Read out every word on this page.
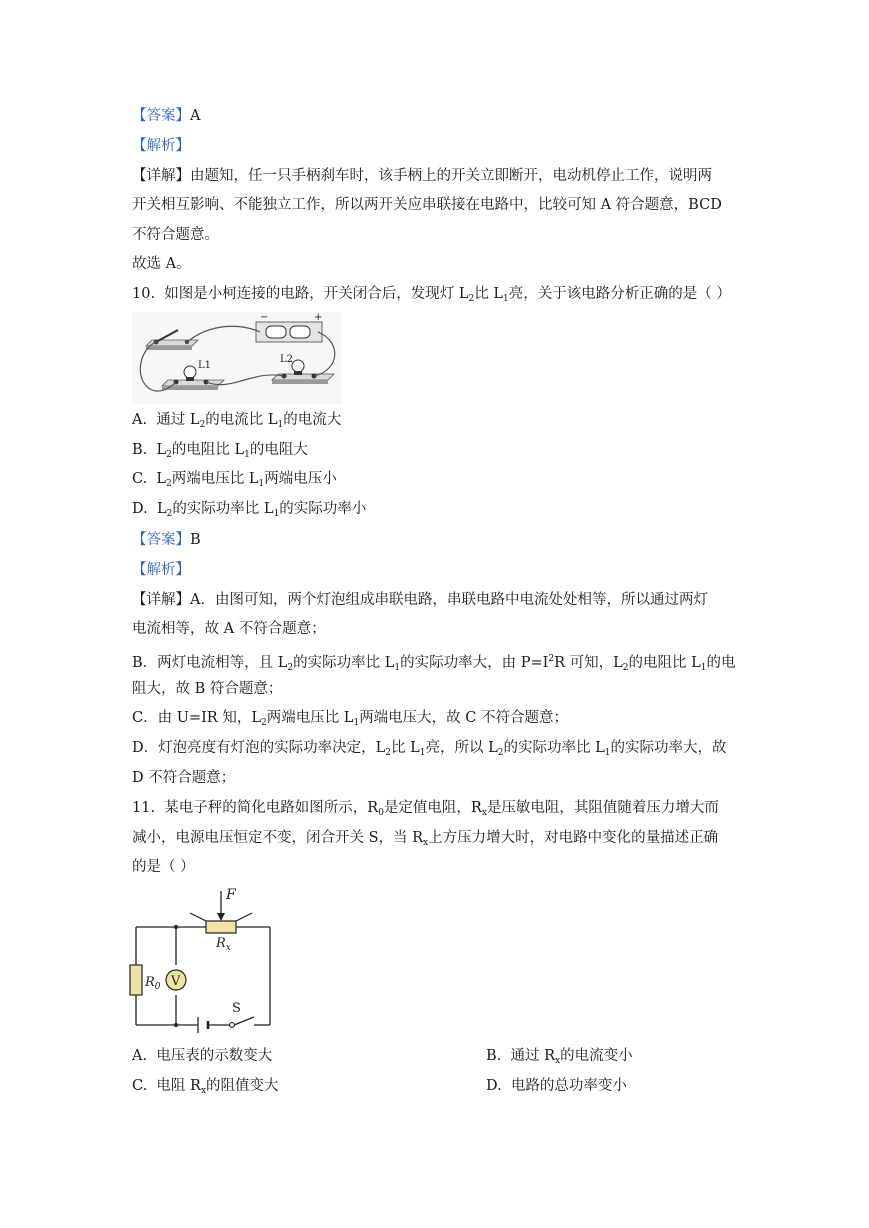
【答案】A
【解析】
【详解】由题知，任一只手柄刹车时，该手柄上的开关立即断开，电动机停止工作，说明两
开关相互影响、不能独立工作，所以两开关应串联接在电路中，比较可知 A 符合题意，BCD
不符合题意。
故选 A。
10. 如图是小柯连接的电路，开关闭合后，发现灯 $L_2$比 $L_1$亮，关于该电路分析正确的是（ ）
−	+
L1
L2
A. 通过 $L_2$的电流比 $L_1$的电流大
B. $L_2$的电阻比 $L_1$的电阻大
C. $L_2$两端电压比 $L_1$两端电压小
D. $L_2$的实际功率比 $L_1$的实际功率小
【答案】B
【解析】
【详解】A．由图可知，两个灯泡组成串联电路，串联电路中电流处处相等，所以通过两灯
电流相等，故 A 不符合题意；
B．两灯电流相等，且 $L_2$的实际功率比 $L_1$的实际功率大，由 $P=I^2R$ 可知，$L_2$的电阻比 $L_1$的电
阻大，故 B 符合题意；
C．由 U=IR 知，$L_2$两端电压比 $L_1$两端电压大，故 C 不符合题意；
D．灯泡亮度有灯泡的实际功率决定，$L_2$比 $L_1$亮，所以 $L_2$的实际功率比 $L_1$的实际功率大，故
D 不符合题意；
11. 某电子秤的简化电路如图所示，$R_0$是定值电阻，$R_x$是压敏电阻，其阻值随着压力增大而
减小，电源电压恒定不变，闭合开关 S，当 $R_x$上方压力增大时，对电路中变化的量描述正确
的是（ ）
F
$R_x$
$R_0$ V
S
A. 电压表的示数变大	B. 通过 $R_x$的电流变小
C. 电阻 $R_x$的阻值变大	D. 电路的总功率变小
